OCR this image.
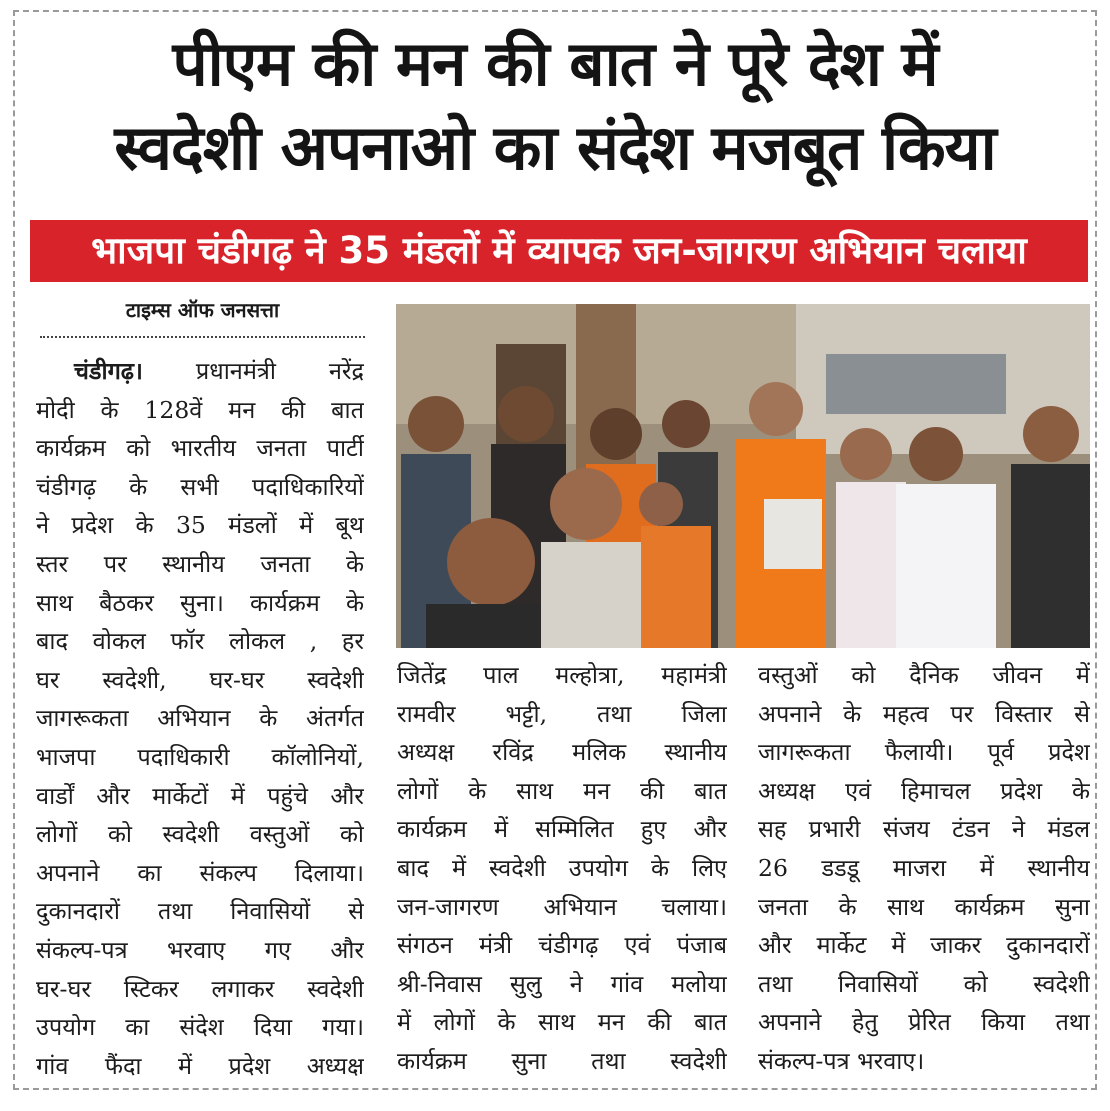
पीएम की मन की बात ने पूरे देश में
स्वदेशी अपनाओ का संदेश मजबूत किया
भाजपा चंडीगढ़ ने 35 मंडलों में व्यापक जन-जागरण अभियान चलाया
टाइम्स ऑफ जनसत्ता
चंडीगढ़। प्रधानमंत्री नरेंद्र
मोदी के 128वें मन की बात
कार्यक्रम को भारतीय जनता पार्टी
चंडीगढ़ के सभी पदाधिकारियों
ने प्रदेश के 35 मंडलों में बूथ
स्तर पर स्थानीय जनता के
साथ बैठकर सुना। कार्यक्रम के
बाद वोकल फॉर लोकल , हर
घर स्वदेशी, घर-घर स्वदेशी
जागरूकता अभियान के अंतर्गत
भाजपा पदाधिकारी कॉलोनियों,
वार्डों और मार्केटों में पहुंचे और
लोगों को स्वदेशी वस्तुओं को
अपनाने का संकल्प दिलाया।
दुकानदारों तथा निवासियों से
संकल्प-पत्र भरवाए गए और
घर-घर स्टिकर लगाकर स्वदेशी
उपयोग का संदेश दिया गया।
गांव फैंदा में प्रदेश अध्यक्ष
जितेंद्र पाल मल्होत्रा, महामंत्री
रामवीर भट्टी, तथा जिला
अध्यक्ष रविंद्र मलिक स्थानीय
लोगों के साथ मन की बात
कार्यक्रम में सम्मिलित हुए और
बाद में स्वदेशी उपयोग के लिए
जन-जागरण अभियान चलाया।
संगठन मंत्री चंडीगढ़ एवं पंजाब
श्री-निवास सुलु ने गांव मलोया
में लोगों के साथ मन की बात
कार्यक्रम सुना तथा स्वदेशी
वस्तुओं को दैनिक जीवन में
अपनाने के महत्व पर विस्तार से
जागरूकता फैलायी। पूर्व प्रदेश
अध्यक्ष एवं हिमाचल प्रदेश के
सह प्रभारी संजय टंडन ने मंडल
26 डडडू माजरा में स्थानीय
जनता के साथ कार्यक्रम सुना
और मार्केट में जाकर दुकानदारों
तथा निवासियों को स्वदेशी
अपनाने हेतु प्रेरित किया तथा
संकल्प-पत्र भरवाए।
